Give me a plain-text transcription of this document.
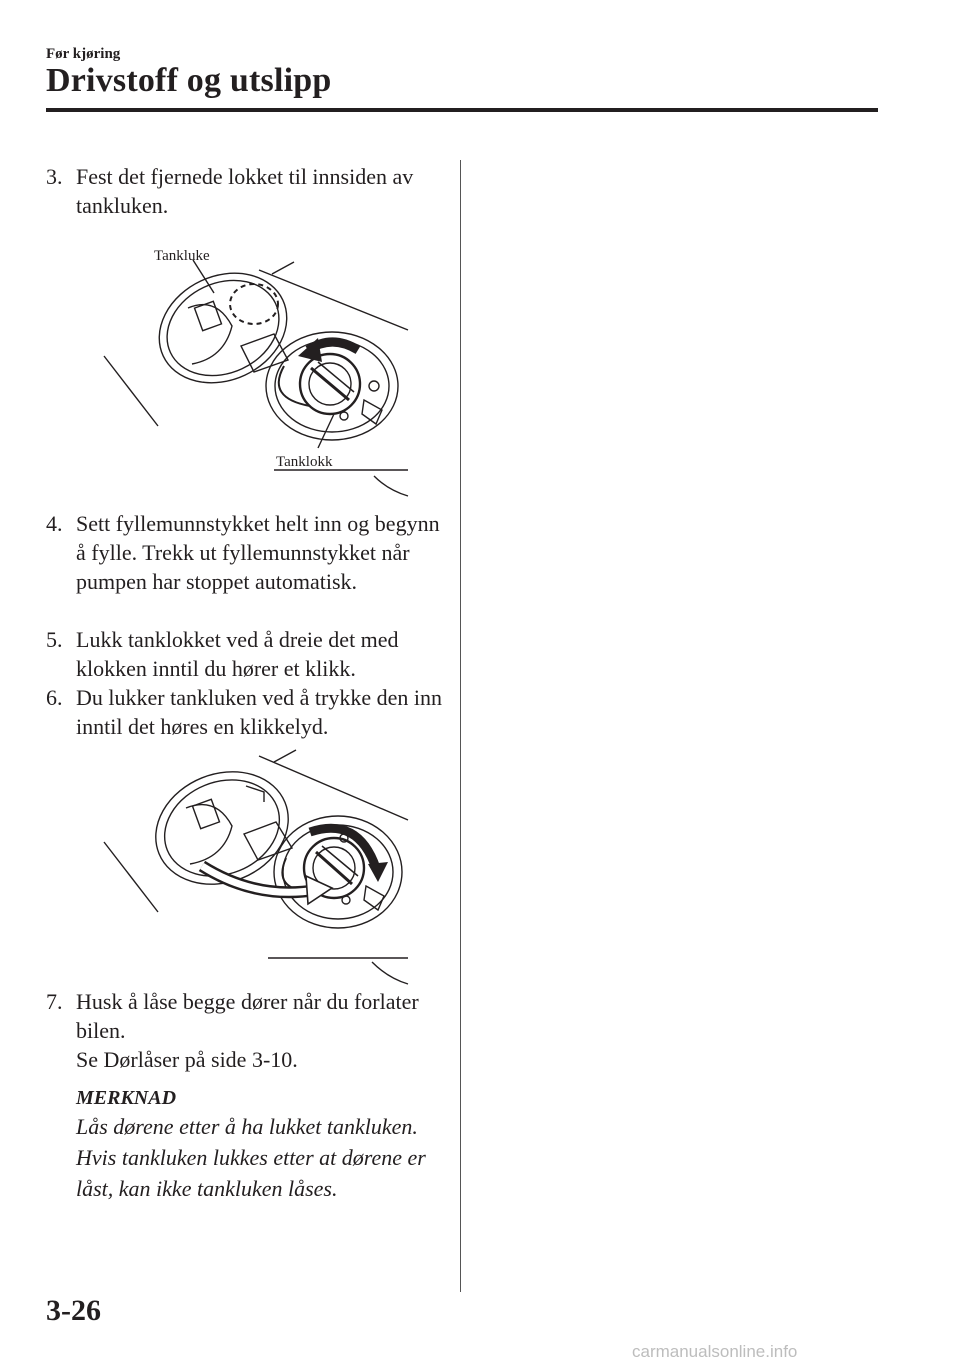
Før kjøring
Drivstoff og utslipp
3. Fest det fjernede lokket til innsiden av tankluken.
Tankluke
Tanklokk
4. Sett fyllemunnstykket helt inn og begynn å fylle. Trekk ut fyllemunnstykket når pumpen har stoppet automatisk.
5. Lukk tanklokket ved å dreie det med klokken inntil du hører et klikk.
6. Du lukker tankluken ved å trykke den inn inntil det høres en klikkelyd.
7. Husk å låse begge dører når du forlater bilen.
Se Dørlåser på side 3-10.
MERKNAD
Lås dørene etter å ha lukket tankluken. Hvis tankluken lukkes etter at dørene er låst, kan ikke tankluken låses.
3-26
carmanualsonline.info
